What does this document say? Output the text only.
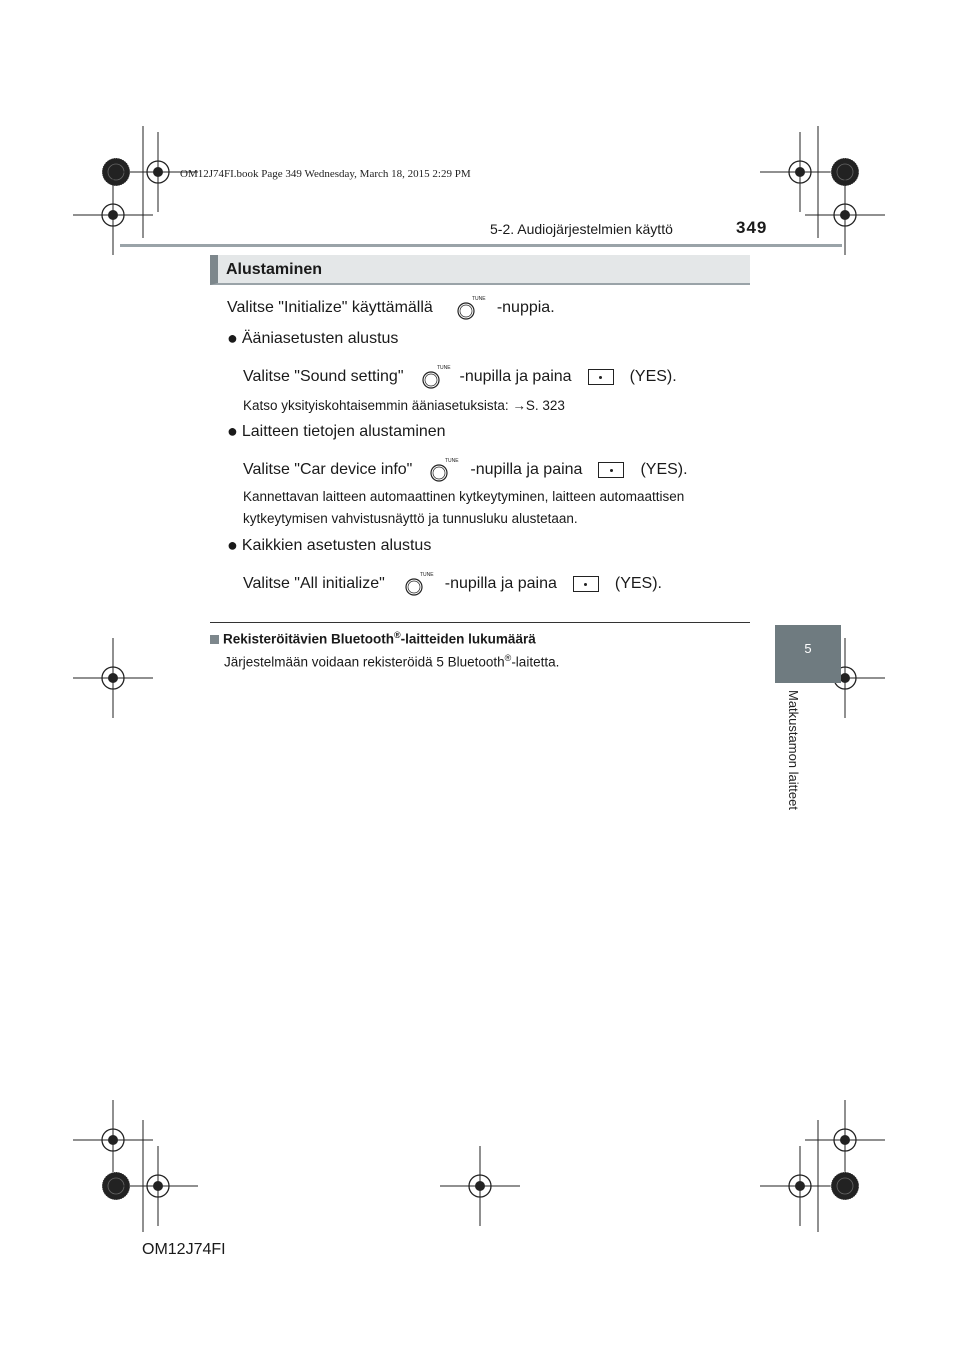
OM12J74FI.book Page 349 Wednesday, March 18, 2015 2:29 PM
5-2. Audiojärjestelmien käyttö	349
5
Matkustamon laitteet
Alustaminen
Valitse "Initialize" käyttämällä	TUNE -nuppia.
● Ääniasetusten alustus
Valitse "Sound setting"	TUNE -nupilla ja paina	(YES).
Katso yksityiskohtaisemmin ääniasetuksista: →S. 323
● Laitteen tietojen alustaminen
Valitse "Car device info"	TUNE -nupilla ja paina	(YES).
Kannettavan laitteen automaattinen kytkeytyminen, laitteen automaattisen
kytkeytymisen vahvistusnäyttö ja tunnusluku alustetaan.
● Kaikkien asetusten alustus
Valitse "All initialize"	TUNE -nupilla ja paina	(YES).
Rekisteröitävien Bluetooth®-laitteiden lukumäärä
Järjestelmään voidaan rekisteröidä 5 Bluetooth®-laitetta.
OM12J74FI
